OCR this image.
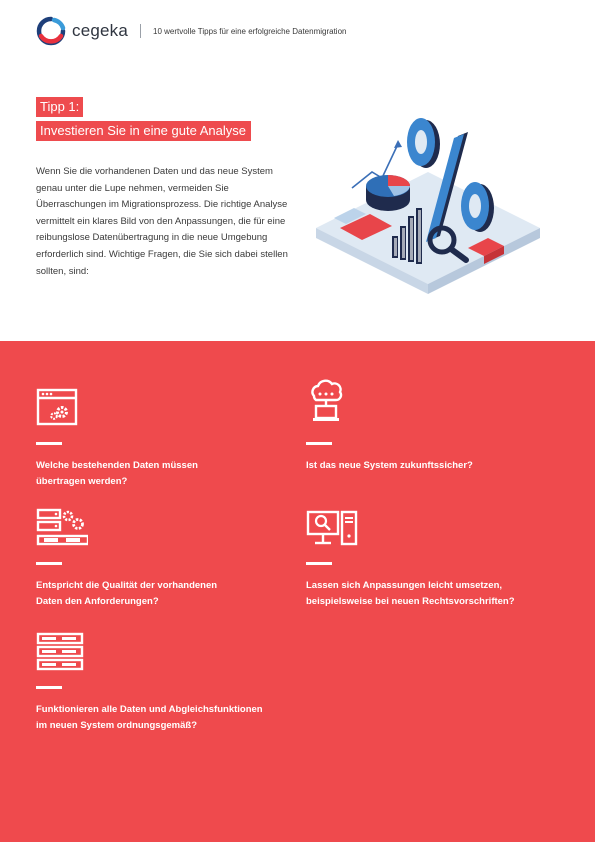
cegeka	10 wertvolle Tipps für eine erfolgreiche Datenmigration
Tipp 1:
Investieren Sie in eine gute Analyse

Wenn Sie die vorhandenen Daten und das neue System genau unter die Lupe nehmen, vermeiden Sie Überraschungen im Migrationsprozess. Die richtige Analyse vermittelt ein klares Bild von den Anpassungen, die für eine reibungslose Datenübertragung in die neue Umgebung erforderlich sind. Wichtige Fragen, die Sie sich dabei stellen sollten, sind:

Welche bestehenden Daten müssen
übertragen werden?
Ist das neue System zukunftssicher?
Entspricht die Qualität der vorhandenen
Daten den Anforderungen?
Lassen sich Anpassungen leicht umsetzen,
beispielsweise bei neuen Rechtsvorschriften?
Funktionieren alle Daten und Abgleichsfunktionen
im neuen System ordnungsgemäß?
